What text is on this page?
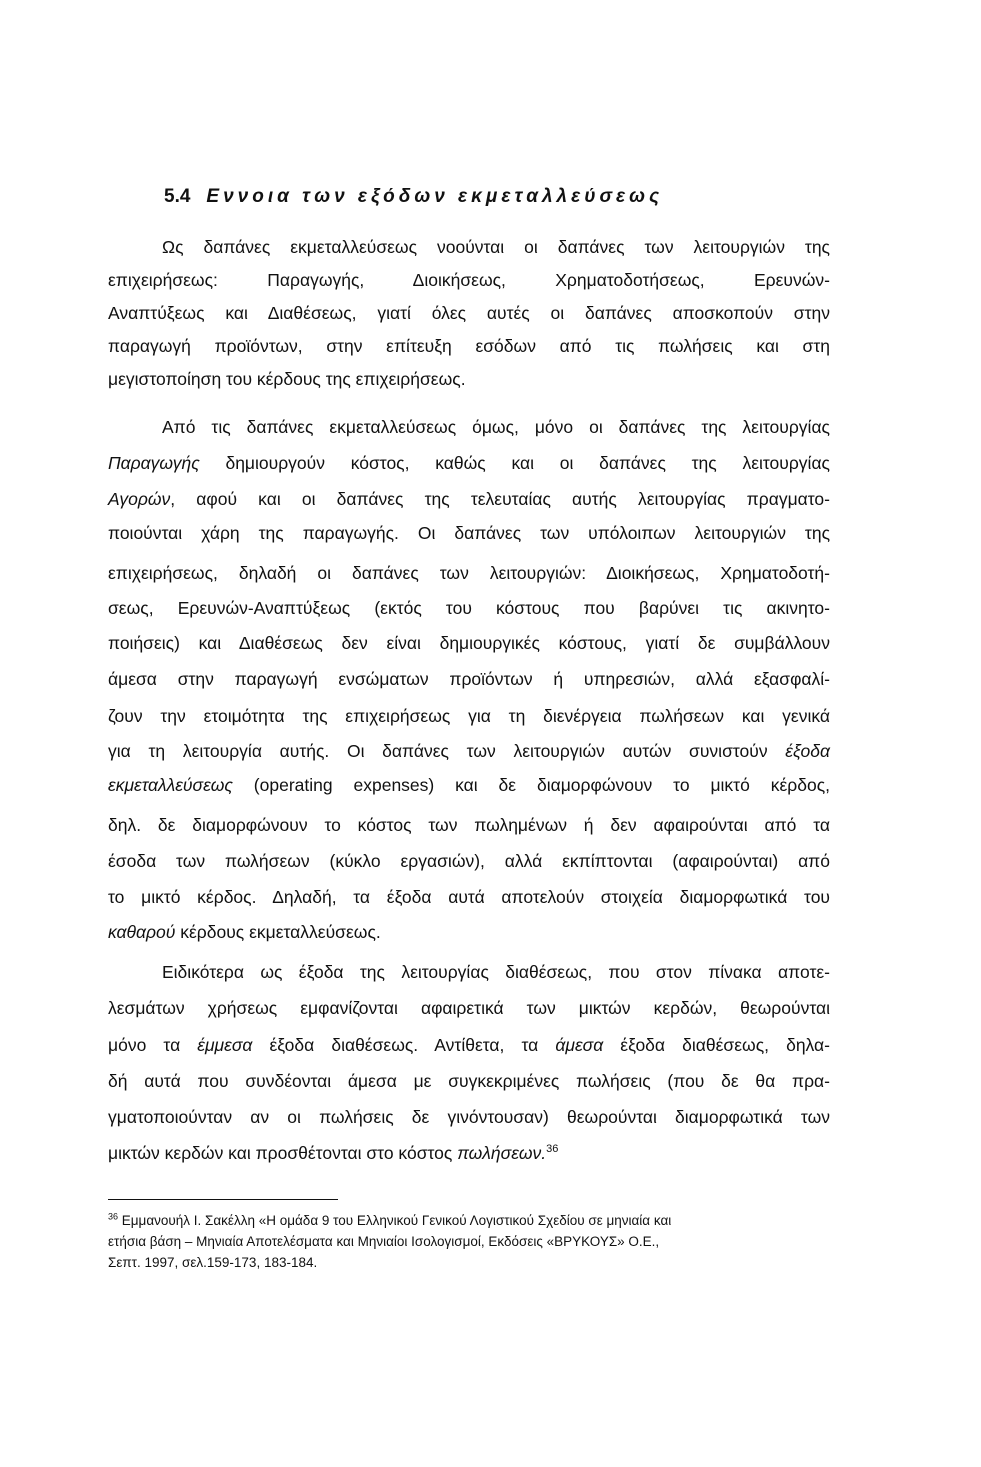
5.4 Εννοια των εξόδων εκμεταλλεύσεως
Ως δαπάνες εκμεταλλεύσεως νοούνται οι δαπάνες των λειτουργιών της
επιχειρήσεως: Παραγωγής, Διοικήσεως, Χρηματοδοτήσεως, Ερευνών-
Αναπτύξεως και Διαθέσεως, γιατί όλες αυτές οι δαπάνες αποσκοπούν στην
παραγωγή προϊόντων, στην επίτευξη εσόδων από τις πωλήσεις και στη
μεγιστοποίηση του κέρδους της επιχειρήσεως.
Από τις δαπάνες εκμεταλλεύσεως όμως, μόνο οι δαπάνες της λειτουργίας
Παραγωγής δημιουργούν κόστος, καθώς και οι δαπάνες της λειτουργίας
Αγορών, αφού και οι δαπάνες της τελευταίας αυτής λειτουργίας πραγματο-
ποιούνται χάρη της παραγωγής. Οι δαπάνες των υπόλοιπων λειτουργιών της
επιχειρήσεως, δηλαδή οι δαπάνες των λειτουργιών: Διοικήσεως, Χρηματοδοτή-
σεως, Ερευνών-Αναπτύξεως (εκτός του κόστους που βαρύνει τις ακινητο-
ποιήσεις) και Διαθέσεως δεν είναι δημιουργικές κόστους, γιατί δε συμβάλλουν
άμεσα στην παραγωγή ενσώματων προϊόντων ή υπηρεσιών, αλλά εξασφαλί-
ζουν την ετοιμότητα της επιχειρήσεως για τη διενέργεια πωλήσεων και γενικά
για τη λειτουργία αυτής. Οι δαπάνες των λειτουργιών αυτών συνιστούν έξοδα
εκμεταλλεύσεως (operating expenses) και δε διαμορφώνουν το μικτό κέρδος,
δηλ. δε διαμορφώνουν το κόστος των πωλημένων ή δεν αφαιρούνται από τα
έσοδα των πωλήσεων (κύκλο εργασιών), αλλά εκπίπτονται (αφαιρούνται) από
το μικτό κέρδος. Δηλαδή, τα έξοδα αυτά αποτελούν στοιχεία διαμορφωτικά του
καθαρού κέρδους εκμεταλλεύσεως.
Ειδικότερα ως έξοδα της λειτουργίας διαθέσεως, που στον πίνακα αποτε-
λεσμάτων χρήσεως εμφανίζονται αφαιρετικά των μικτών κερδών, θεωρούνται
μόνο τα έμμεσα έξοδα διαθέσεως. Αντίθετα, τα άμεσα έξοδα διαθέσεως, δηλα-
δή αυτά που συνδέονται άμεσα με συγκεκριμένες πωλήσεις (που δε θα πρα-
γματοποιούνταν αν οι πωλήσεις δε γινόντουσαν) θεωρούνται διαμορφωτικά των
μικτών κερδών και προσθέτονται στο κόστος πωλήσεων.$^{36}$
$^{36}$ Εμμανουήλ Ι. Σακέλλη «Η ομάδα 9 του Ελληνικού Γενικού Λογιστικού Σχεδίου σε μηνιαία και
ετήσια βάση – Μηνιαία Αποτελέσματα και Μηνιαίοι Ισολογισμοί, Εκδόσεις «ΒΡΥΚΟΥΣ» Ο.Ε.,
Σεπτ. 1997, σελ.159-173, 183-184.
